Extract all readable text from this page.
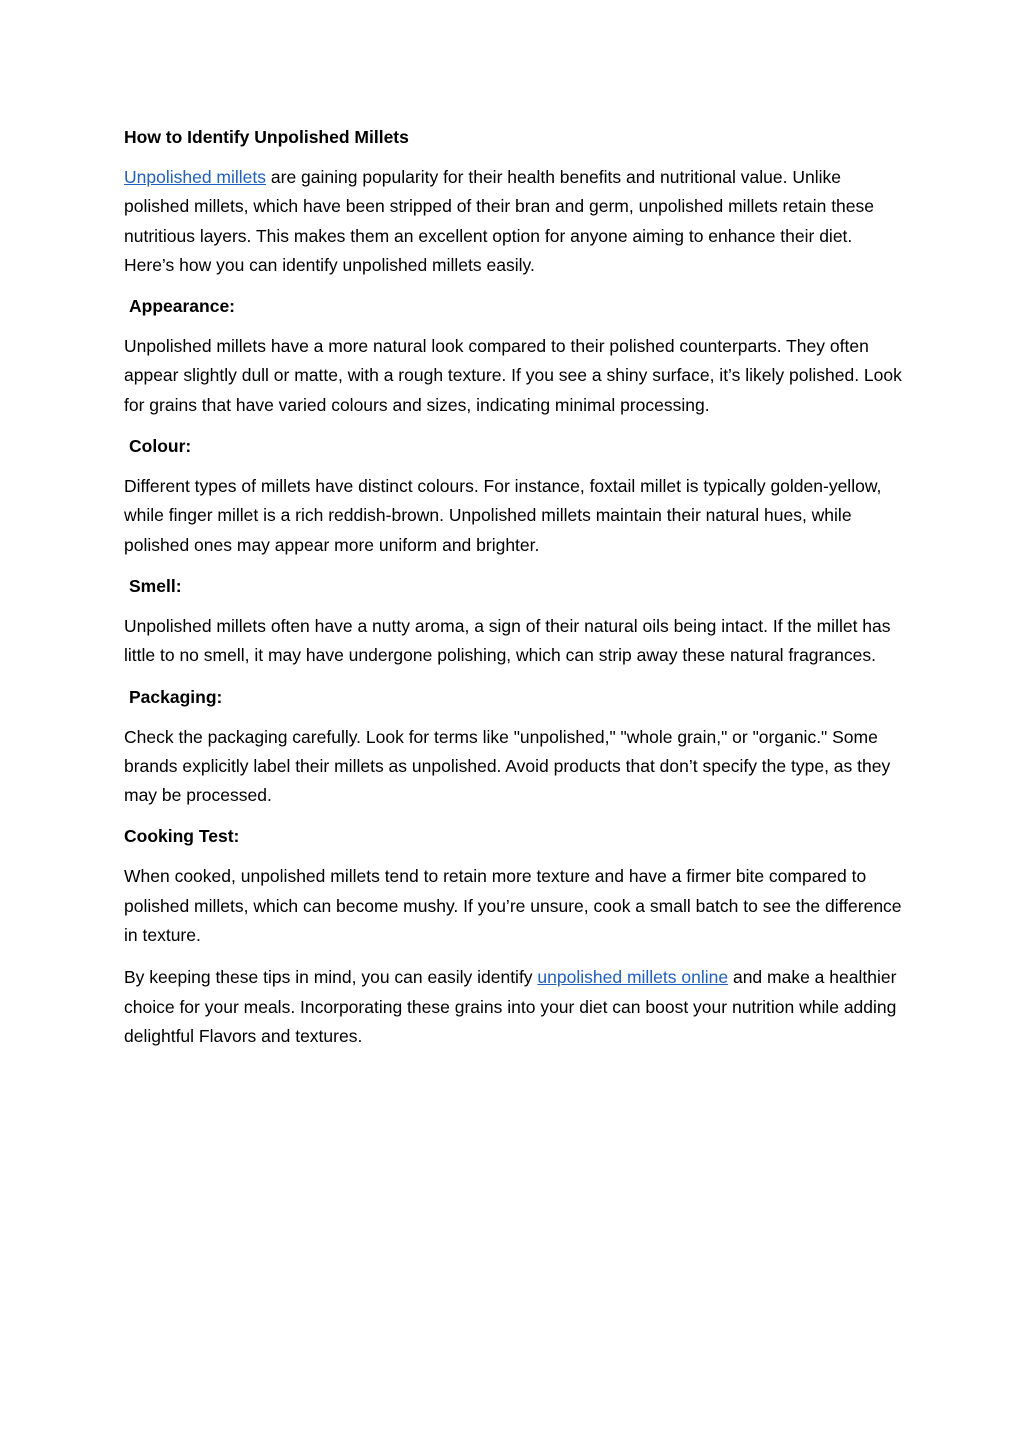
How to Identify Unpolished Millets

Unpolished millets are gaining popularity for their health benefits and nutritional value. Unlike polished millets, which have been stripped of their bran and germ, unpolished millets retain these nutritious layers. This makes them an excellent option for anyone aiming to enhance their diet. Here’s how you can identify unpolished millets easily.

Appearance:

Unpolished millets have a more natural look compared to their polished counterparts. They often appear slightly dull or matte, with a rough texture. If you see a shiny surface, it’s likely polished. Look for grains that have varied colours and sizes, indicating minimal processing.

Colour:

Different types of millets have distinct colours. For instance, foxtail millet is typically golden-yellow, while finger millet is a rich reddish-brown. Unpolished millets maintain their natural hues, while polished ones may appear more uniform and brighter.

Smell:

Unpolished millets often have a nutty aroma, a sign of their natural oils being intact. If the millet has little to no smell, it may have undergone polishing, which can strip away these natural fragrances.

Packaging:

Check the packaging carefully. Look for terms like "unpolished," "whole grain," or "organic." Some brands explicitly label their millets as unpolished. Avoid products that don’t specify the type, as they may be processed.

Cooking Test:

When cooked, unpolished millets tend to retain more texture and have a firmer bite compared to polished millets, which can become mushy. If you’re unsure, cook a small batch to see the difference in texture.

By keeping these tips in mind, you can easily identify unpolished millets online and make a healthier choice for your meals. Incorporating these grains into your diet can boost your nutrition while adding delightful Flavors and textures.
